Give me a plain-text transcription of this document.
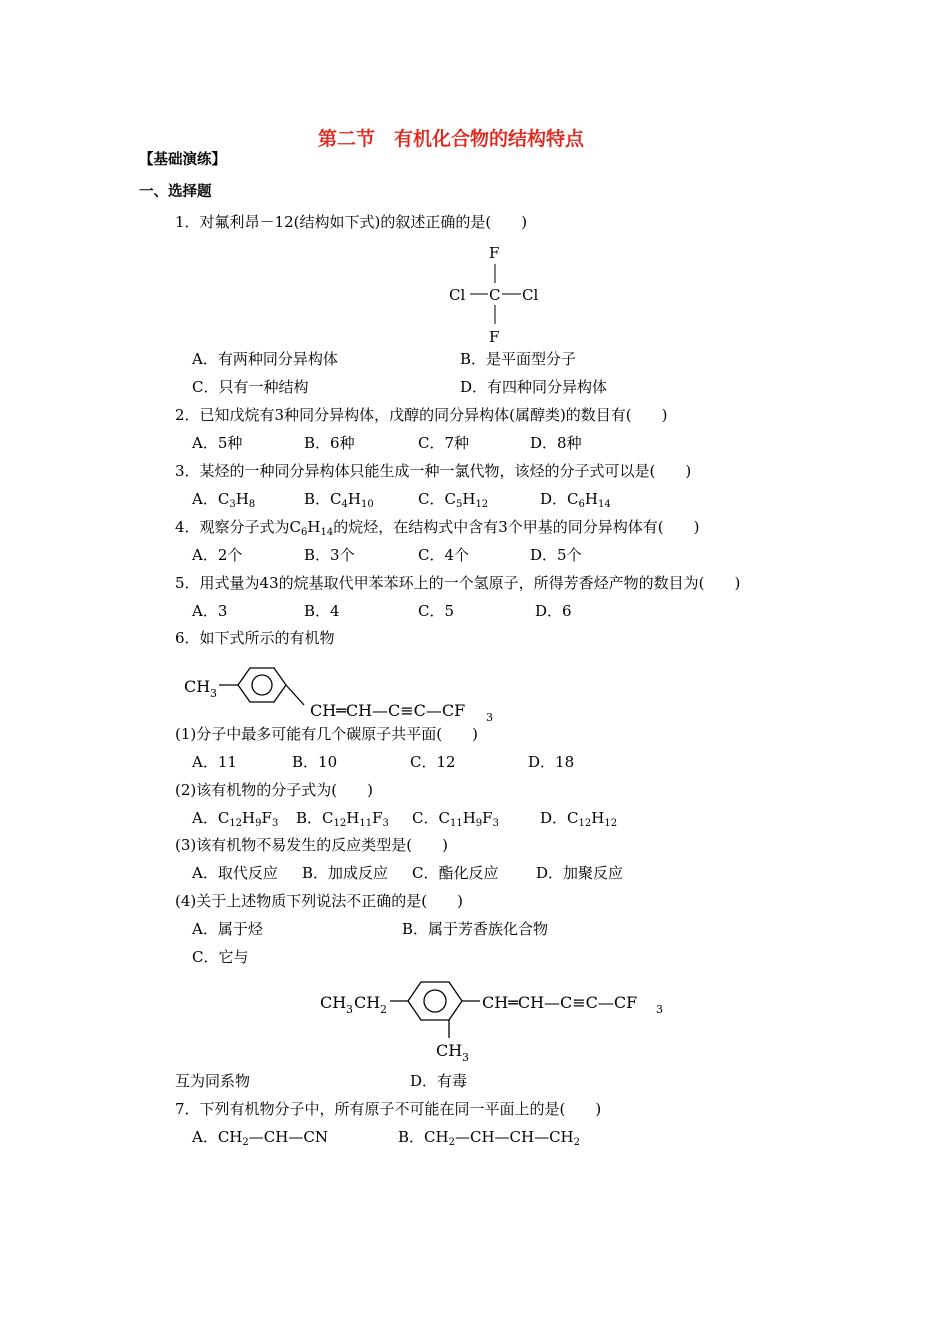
第二节　有机化合物的结构特点
【基础演练】
一、选择题
1．对氟利昂－12(结构如下式)的叙述正确的是(　　)
F
Cl C Cl
F
A．有两种同分异构体	B．是平面型分子
C．只有一种结构	D．有四种同分异构体
2．已知戊烷有3种同分异构体，戊醇的同分异构体(属醇类)的数目有(　　)
A．5种	B．6种	C．7种	D．8种
3．某烃的一种同分异构体只能生成一种一氯代物，该烃的分子式可以是(　　)
A．$C_3H_8$	B．$C_4H_{10}$	C．$C_5H_{12}$	D．$C_6H_{14}$
4．观察分子式为$C_6H_{14}$的烷烃，在结构式中含有3个甲基的同分异构体有(　　)
A．2个	B．3个	C．4个	D．5个
5．用式量为43的烷基取代甲苯苯环上的一个氢原子，所得芳香烃产物的数目为(　　)
A．3	B．4	C．5	D．6
6．如下式所示的有机物
CH 3
CH═CH—C≡C—CF 3
(1)分子中最多可能有几个碳原子共平面(　　)
A．11	B．10	C．12	D．18
(2)该有机物的分子式为(　　)
A．$C_{12}H_9F_3$ B．$C_{12}H_{11}F_3$ C．$C_{11}H_9F_3$	D．$C_{12}H_{12}$
(3)该有机物不易发生的反应类型是(　　)
A．取代反应 B．加成反应 C．酯化反应	D．加聚反应
(4)关于上述物质下列说法不正确的是(　　)
A．属于烃	B．属于芳香族化合物
C．它与
CH 3 CH 2	CH═CH—C≡C—CF 3
CH 3
互为同系物	D．有毒
7．下列有机物分子中，所有原子不可能在同一平面上的是(　　)
A．$CH_2—CH—CN$	B．$CH_2—CH—CH—CH_2$
